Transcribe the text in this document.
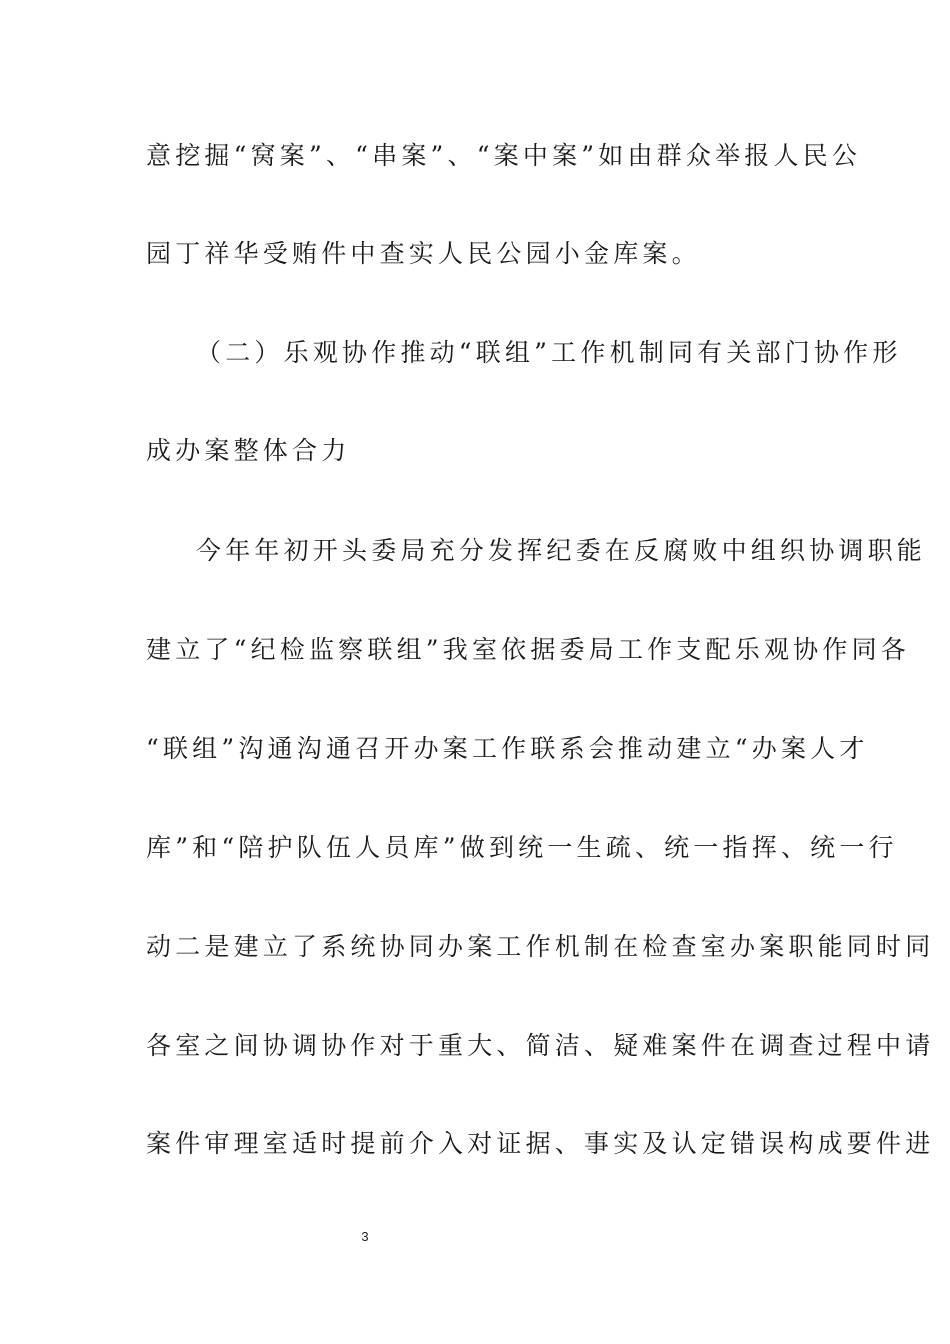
意挖掘“窝案”、“串案”、“案中案”如由群众举报人民公
园丁祥华受贿件中查实人民公园小金库案。
（二）乐观协作推动“联组”工作机制同有关部门协作形
成办案整体合力
今年年初开头委局充分发挥纪委在反腐败中组织协调职能
建立了“纪检监察联组”我室依据委局工作支配乐观协作同各
“联组”沟通沟通召开办案工作联系会推动建立“办案人才
库”和“陪护队伍人员库”做到统一生疏、统一指挥、统一行
动二是建立了系统协同办案工作机制在检查室办案职能同时同
各室之间协调协作对于重大、简洁、疑难案件在调查过程中请
案件审理室适时提前介入对证据、事实及认定错误构成要件进
3
